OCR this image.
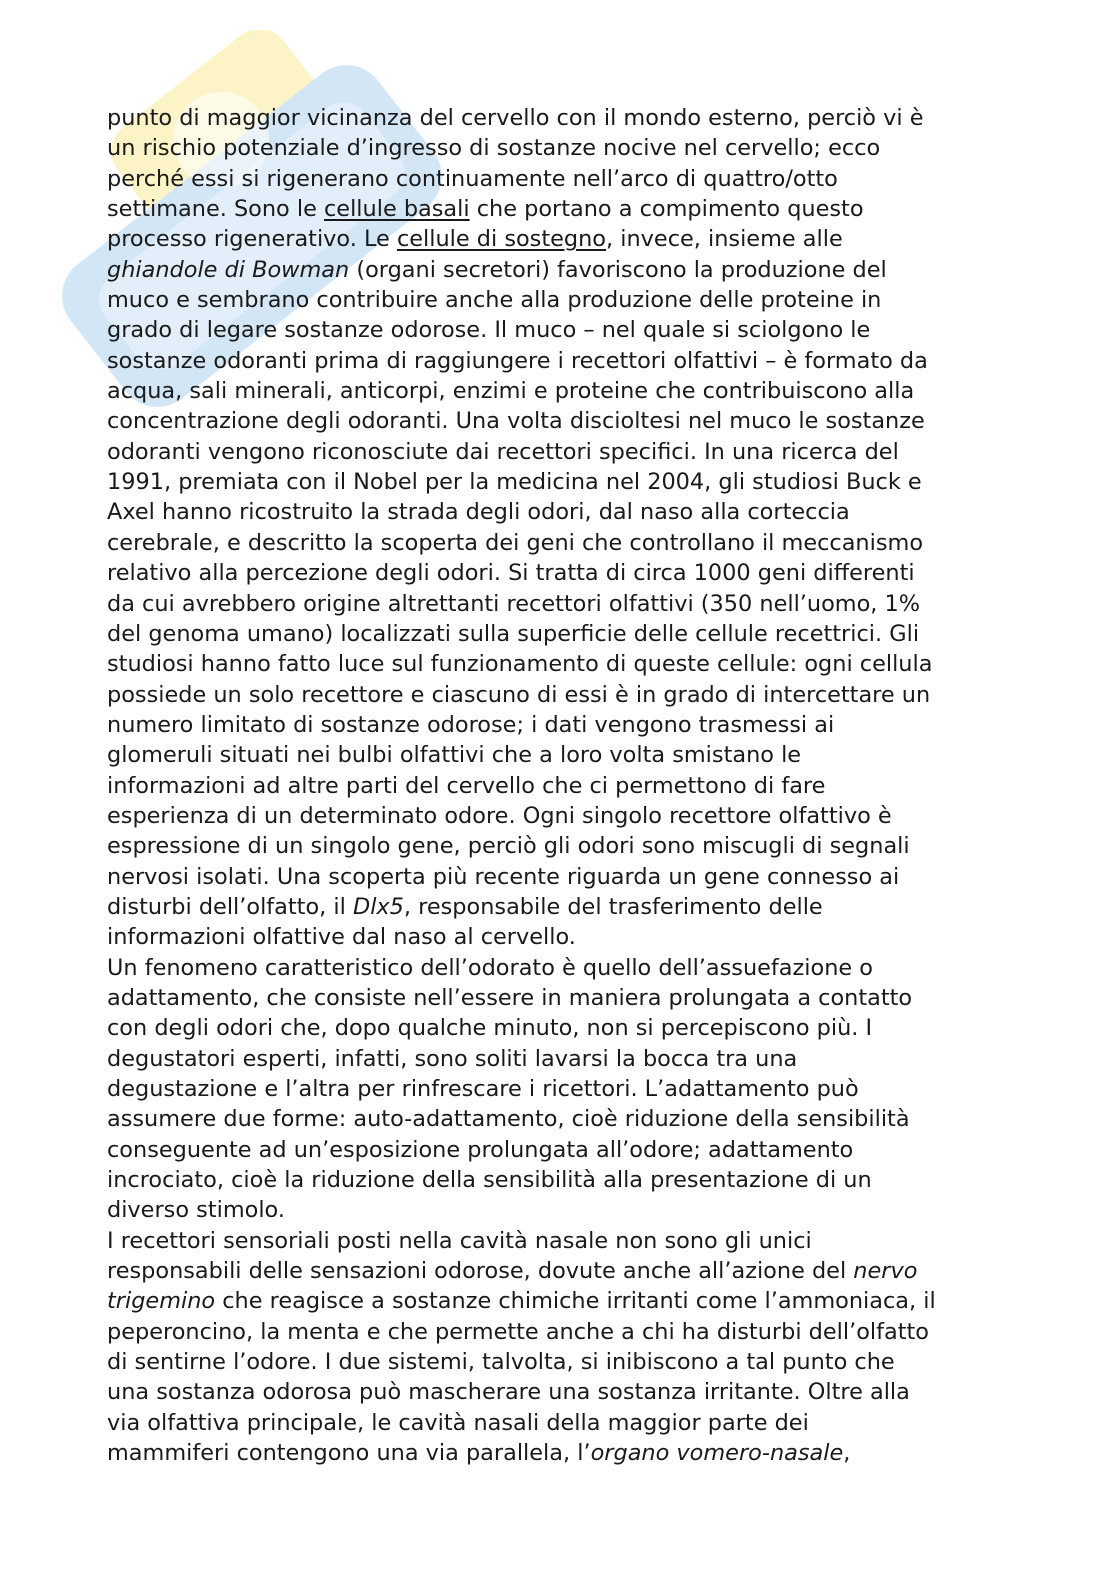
punto di maggior vicinanza del cervello con il mondo esterno, perciò vi è
un rischio potenziale d’ingresso di sostanze nocive nel cervello; ecco
perché essi si rigenerano continuamente nell’arco di quattro/otto
settimane. Sono le cellule basali che portano a compimento questo
processo rigenerativo. Le cellule di sostegno, invece, insieme alle
ghiandole di Bowman (organi secretori) favoriscono la produzione del
muco e sembrano contribuire anche alla produzione delle proteine in
grado di legare sostanze odorose. Il muco – nel quale si sciolgono le
sostanze odoranti prima di raggiungere i recettori olfattivi – è formato da
acqua, sali minerali, anticorpi, enzimi e proteine che contribuiscono alla
concentrazione degli odoranti. Una volta discioltesi nel muco le sostanze
odoranti vengono riconosciute dai recettori specifici. In una ricerca del
1991, premiata con il Nobel per la medicina nel 2004, gli studiosi Buck e
Axel hanno ricostruito la strada degli odori, dal naso alla corteccia
cerebrale, e descritto la scoperta dei geni che controllano il meccanismo
relativo alla percezione degli odori. Si tratta di circa 1000 geni differenti
da cui avrebbero origine altrettanti recettori olfattivi (350 nell’uomo, 1%
del genoma umano) localizzati sulla superficie delle cellule recettrici. Gli
studiosi hanno fatto luce sul funzionamento di queste cellule: ogni cellula
possiede un solo recettore e ciascuno di essi è in grado di intercettare un
numero limitato di sostanze odorose; i dati vengono trasmessi ai
glomeruli situati nei bulbi olfattivi che a loro volta smistano le
informazioni ad altre parti del cervello che ci permettono di fare
esperienza di un determinato odore. Ogni singolo recettore olfattivo è
espressione di un singolo gene, perciò gli odori sono miscugli di segnali
nervosi isolati. Una scoperta più recente riguarda un gene connesso ai
disturbi dell’olfatto, il Dlx5, responsabile del trasferimento delle
informazioni olfattive dal naso al cervello.
Un fenomeno caratteristico dell’odorato è quello dell’assuefazione o
adattamento, che consiste nell’essere in maniera prolungata a contatto
con degli odori che, dopo qualche minuto, non si percepiscono più. I
degustatori esperti, infatti, sono soliti lavarsi la bocca tra una
degustazione e l’altra per rinfrescare i ricettori. L’adattamento può
assumere due forme: auto-adattamento, cioè riduzione della sensibilità
conseguente ad un’esposizione prolungata all’odore; adattamento
incrociato, cioè la riduzione della sensibilità alla presentazione di un
diverso stimolo.
I recettori sensoriali posti nella cavità nasale non sono gli unici
responsabili delle sensazioni odorose, dovute anche all’azione del nervo
trigemino che reagisce a sostanze chimiche irritanti come l’ammoniaca, il
peperoncino, la menta e che permette anche a chi ha disturbi dell’olfatto
di sentirne l’odore. I due sistemi, talvolta, si inibiscono a tal punto che
una sostanza odorosa può mascherare una sostanza irritante. Oltre alla
via olfattiva principale, le cavità nasali della maggior parte dei
mammiferi contengono una via parallela, l’organo vomero-nasale,
